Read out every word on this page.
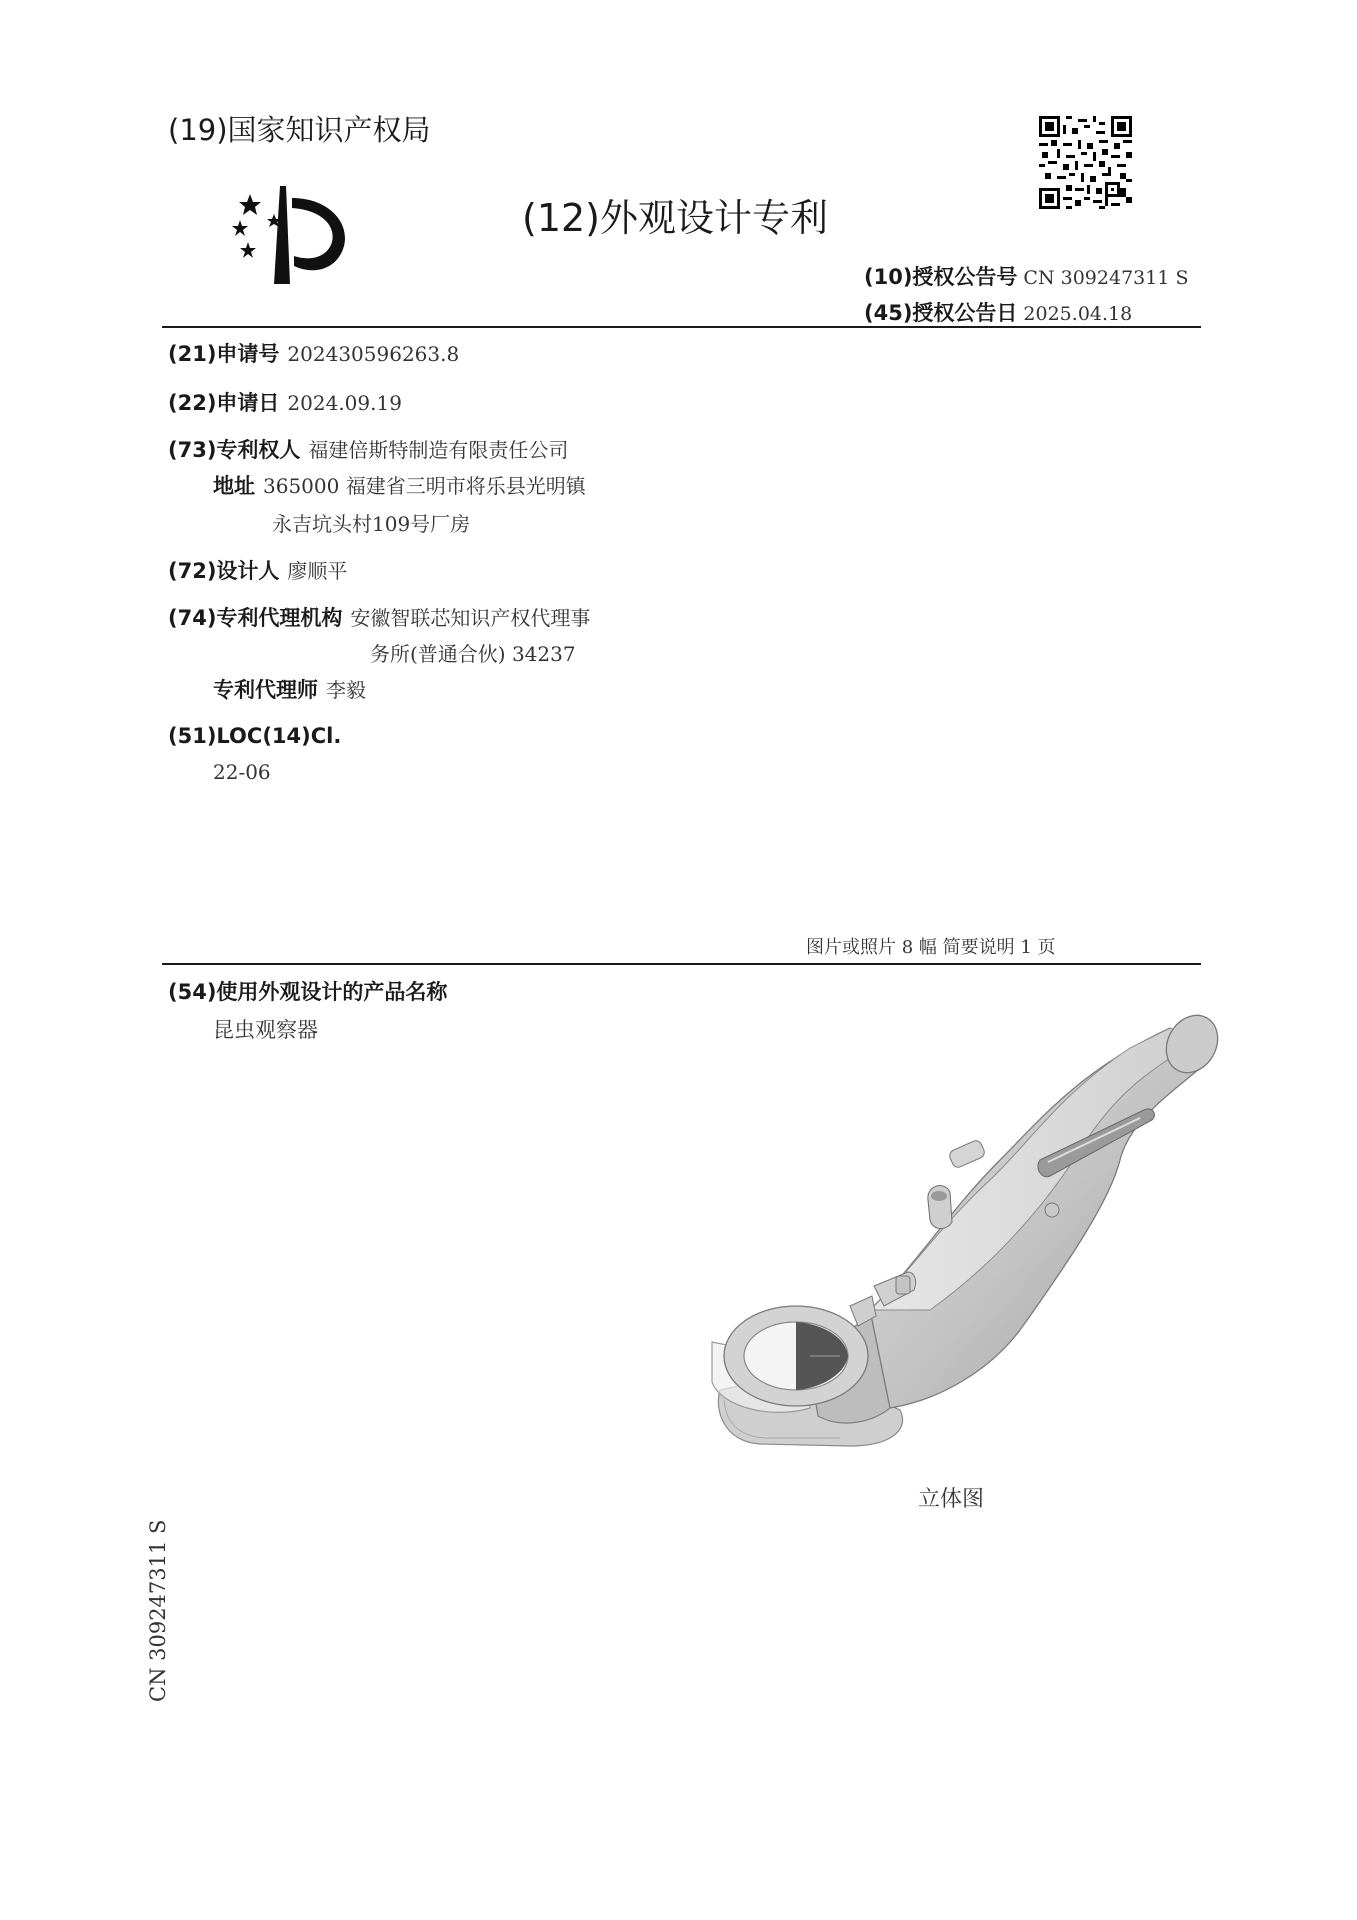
(19)国家知识产权局
(12)外观设计专利
(10)授权公告号 CN 309247311 S
(45)授权公告日 2025.04.18
(21)申请号 202430596263.8
(22)申请日 2024.09.19
(73)专利权人 福建倍斯特制造有限责任公司
地址 365000 福建省三明市将乐县光明镇
永吉坑头村109号厂房
(72)设计人 廖顺平
(74)专利代理机构 安徽智联芯知识产权代理事
务所(普通合伙) 34237
专利代理师 李毅
(51)LOC(14)Cl.
22-06
图片或照片 8 幅 简要说明 1 页
(54)使用外观设计的产品名称
昆虫观察器
立体图
CN 309247311 S
